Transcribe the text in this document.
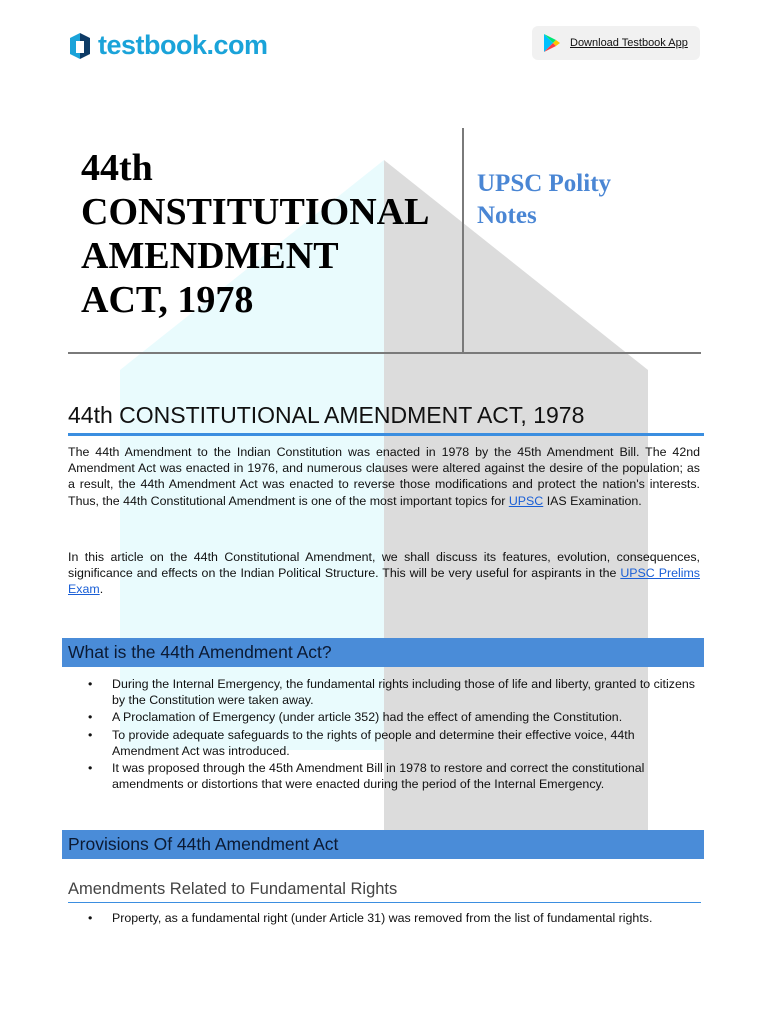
testbook.com	Download Testbook App
44th
CONSTITUTIONAL
AMENDMENT
ACT, 1978
UPSC Polity
Notes
44th CONSTITUTIONAL AMENDMENT ACT, 1978

The 44th Amendment to the Indian Constitution was enacted in 1978 by the 45th Amendment Bill. The 42nd Amendment Act was enacted in 1976, and numerous clauses were altered against the desire of the population; as a result, the 44th Amendment Act was enacted to reverse those modifications and protect the nation's interests. Thus, the 44th Constitutional Amendment is one of the most important topics for UPSC IAS Examination.

In this article on the 44th Constitutional Amendment, we shall discuss its features, evolution, consequences, significance and effects on the Indian Political Structure. This will be very useful for aspirants in the UPSC Prelims Exam.

What is the 44th Amendment Act?
• During the Internal Emergency, the fundamental rights including those of life and liberty, granted to citizens by the Constitution were taken away.
• A Proclamation of Emergency (under article 352) had the effect of amending the Constitution.
• To provide adequate safeguards to the rights of people and determine their effective voice, 44th Amendment Act was introduced.
• It was proposed through the 45th Amendment Bill in 1978 to restore and correct the constitutional amendments or distortions that were enacted during the period of the Internal Emergency.
Provisions Of 44th Amendment Act
Amendments Related to Fundamental Rights
• Property, as a fundamental right (under Article 31) was removed from the list of fundamental rights.
